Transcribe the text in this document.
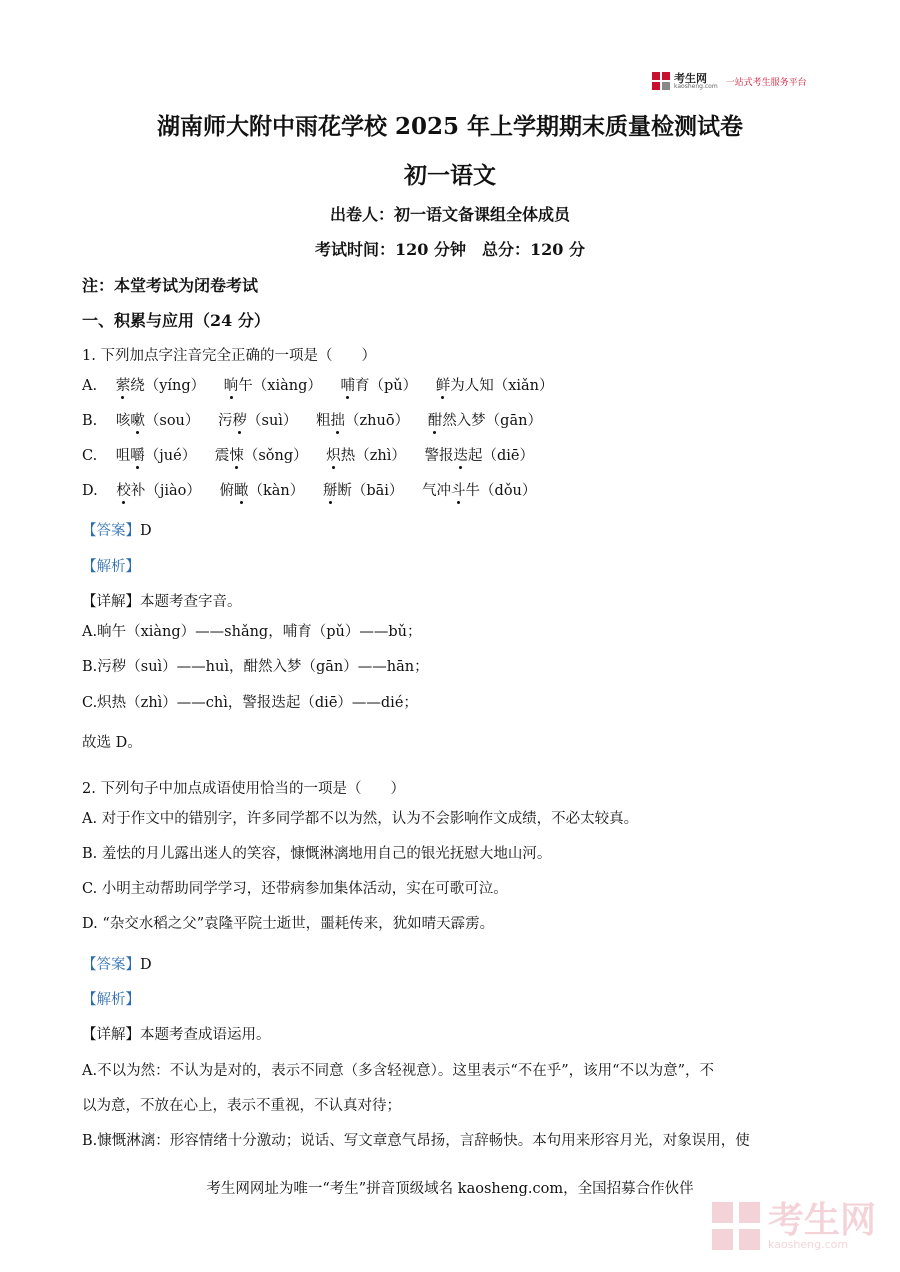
考生网
kaosheng.com 一站式考生服务平台
湖南师大附中雨花学校 2025 年上学期期末质量检测试卷
初一语文
出卷人：初一语文备课组全体成员
考试时间：120 分钟　总分：120 分
注：本堂考试为闭卷考试
一、积累与应用（24 分）
1. 下列加点字注音完全正确的一项是（　　）
A. 萦绕（yíng） 晌午（xiàng） 哺育（pǔ） 鲜为人知（xiǎn）
B. 咳嗽（sou） 污秽（suì） 粗拙（zhuō） 酣然入梦（gān）
C. 咀嚼（jué） 震悚（sǒng） 炽热（zhì） 警报迭起（diē）
D. 校补（jiào） 俯瞰（kàn） 掰断（bāi） 气冲斗牛（dǒu）
【答案】D
【解析】
【详解】本题考查字音。
A.晌午（xiàng）——shǎng，哺育（pǔ）——bǔ；
B.污秽（suì）——huì，酣然入梦（gān）——hān；
C.炽热（zhì）——chì，警报迭起（diē）——dié；
故选 D。
2. 下列句子中加点成语使用恰当的一项是（　　）
A. 对于作文中的错别字，许多同学都不以为然，认为不会影响作文成绩，不必太较真。
B. 羞怯的月儿露出迷人的笑容，慷慨淋漓地用自己的银光抚慰大地山河。
C. 小明主动帮助同学学习，还带病参加集体活动，实在可歌可泣。
D. “杂交水稻之父”袁隆平院士逝世，噩耗传来，犹如晴天霹雳。
【答案】D
【解析】
【详解】本题考查成语运用。
A.不以为然：不认为是对的，表示不同意（多含轻视意）。这里表示“不在乎”，该用“不以为意”，不
以为意，不放在心上，表示不重视，不认真对待；
B.慷慨淋漓：形容情绪十分激动；说话、写文章意气昂扬，言辞畅快。本句用来形容月光，对象误用，使
考生网网址为唯一“考生”拼音顶级域名 kaosheng.com，全国招募合作伙伴
考生网
kaosheng.com
